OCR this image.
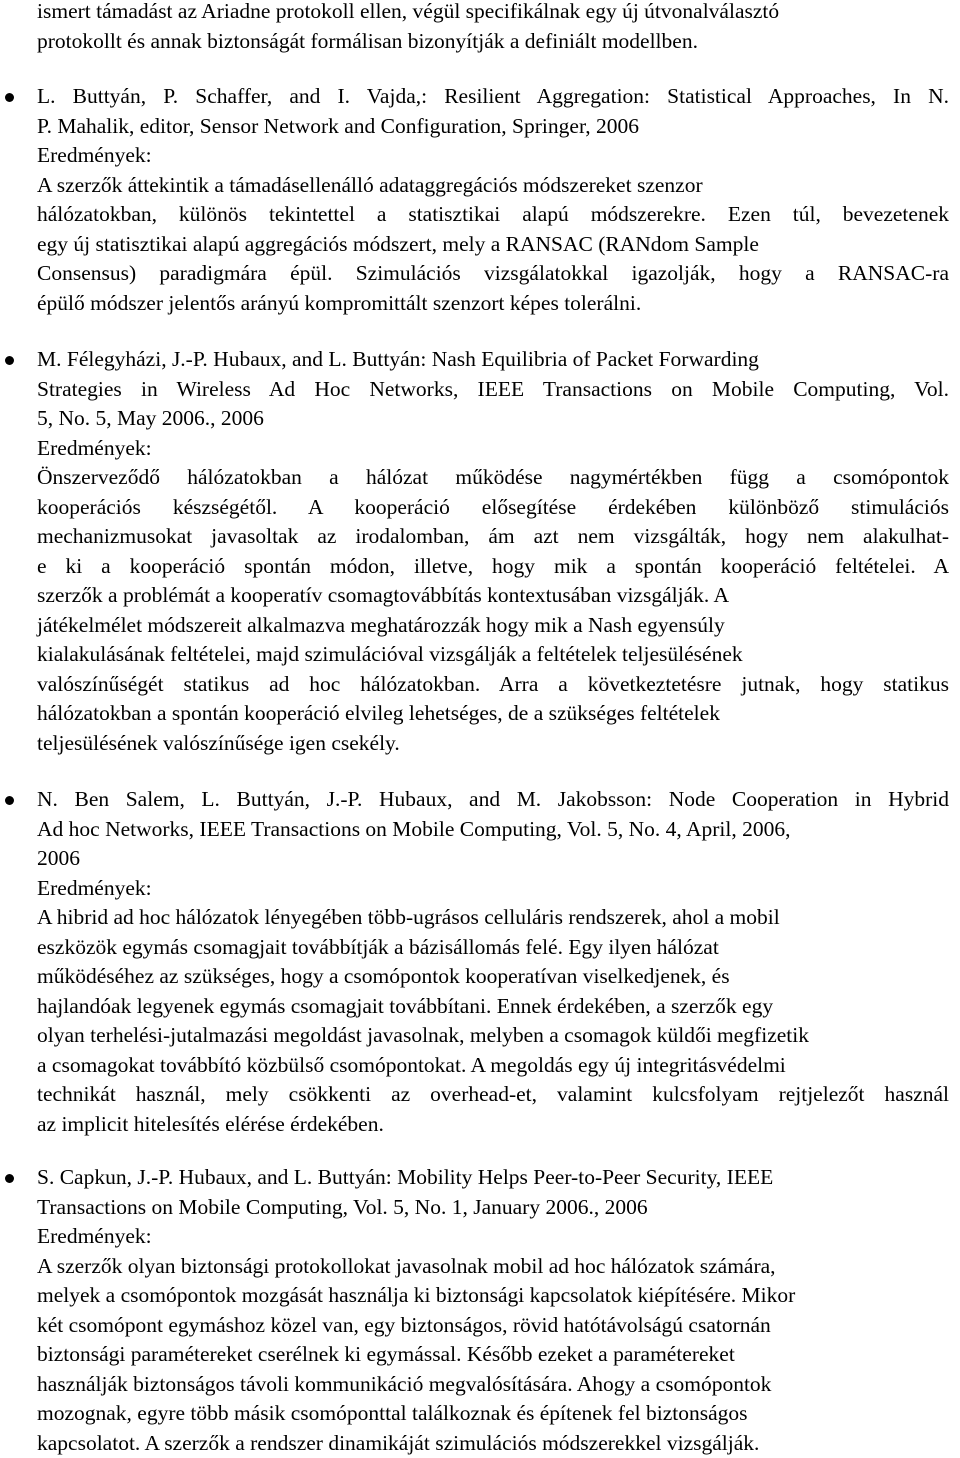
ismert támadást az Ariadne protokoll ellen, végül specifikálnak egy új útvonalválasztó
protokollt és annak biztonságát formálisan bizonyítják a definiált modellben.
L. Buttyán, P. Schaffer, and I. Vajda,: Resilient Aggregation: Statistical Approaches, In N.
P. Mahalik, editor, Sensor Network and Configuration, Springer, 2006
Eredmények:
A szerzők áttekintik a támadásellenálló adataggregációs módszereket szenzor
hálózatokban, különös tekintettel a statisztikai alapú módszerekre. Ezen túl, bevezetenek
egy új statisztikai alapú aggregációs módszert, mely a RANSAC (RANdom Sample
Consensus) paradigmára épül. Szimulációs vizsgálatokkal igazolják, hogy a RANSAC-ra
épülő módszer jelentős arányú kompromittált szenzort képes tolerálni.
M. Félegyházi, J.-P. Hubaux, and L. Buttyán: Nash Equilibria of Packet Forwarding
Strategies in Wireless Ad Hoc Networks, IEEE Transactions on Mobile Computing, Vol.
5, No. 5, May 2006., 2006
Eredmények:
Önszerveződő hálózatokban a hálózat működése nagymértékben függ a csomópontok
kooperációs készségétől. A kooperáció elősegítése érdekében különböző stimulációs
mechanizmusokat javasoltak az irodalomban, ám azt nem vizsgálták, hogy nem alakulhat-
e ki a kooperáció spontán módon, illetve, hogy mik a spontán kooperáció feltételei. A
szerzők a problémát a kooperatív csomagtovábbítás kontextusában vizsgálják. A
játékelmélet módszereit alkalmazva meghatározzák hogy mik a Nash egyensúly
kialakulásának feltételei, majd szimulációval vizsgálják a feltételek teljesülésének
valószínűségét statikus ad hoc hálózatokban. Arra a következtetésre jutnak, hogy statikus
hálózatokban a spontán kooperáció elvileg lehetséges, de a szükséges feltételek
teljesülésének valószínűsége igen csekély.
N. Ben Salem, L. Buttyán, J.-P. Hubaux, and M. Jakobsson: Node Cooperation in Hybrid
Ad hoc Networks, IEEE Transactions on Mobile Computing, Vol. 5, No. 4, April, 2006,
2006
Eredmények:
A hibrid ad hoc hálózatok lényegében több-ugrásos celluláris rendszerek, ahol a mobil
eszközök egymás csomagjait továbbítják a bázisállomás felé. Egy ilyen hálózat
működéséhez az szükséges, hogy a csomópontok kooperatívan viselkedjenek, és
hajlandóak legyenek egymás csomagjait továbbítani. Ennek érdekében, a szerzők egy
olyan terhelési-jutalmazási megoldást javasolnak, melyben a csomagok küldői megfizetik
a csomagokat továbbító közbülső csomópontokat. A megoldás egy új integritásvédelmi
technikát használ, mely csökkenti az overhead-et, valamint kulcsfolyam rejtjelezőt használ
az implicit hitelesítés elérése érdekében.
S. Capkun, J.-P. Hubaux, and L. Buttyán: Mobility Helps Peer-to-Peer Security, IEEE
Transactions on Mobile Computing, Vol. 5, No. 1, January 2006., 2006
Eredmények:
A szerzők olyan biztonsági protokollokat javasolnak mobil ad hoc hálózatok számára,
melyek a csomópontok mozgását használja ki biztonsági kapcsolatok kiépítésére. Mikor
két csomópont egymáshoz közel van, egy biztonságos, rövid hatótávolságú csatornán
biztonsági paramétereket cserélnek ki egymással. Később ezeket a paramétereket
használják biztonságos távoli kommunikáció megvalósítására. Ahogy a csomópontok
mozognak, egyre több másik csomóponttal találkoznak és építenek fel biztonságos
kapcsolatot. A szerzők a rendszer dinamikáját szimulációs módszerekkel vizsgálják.
